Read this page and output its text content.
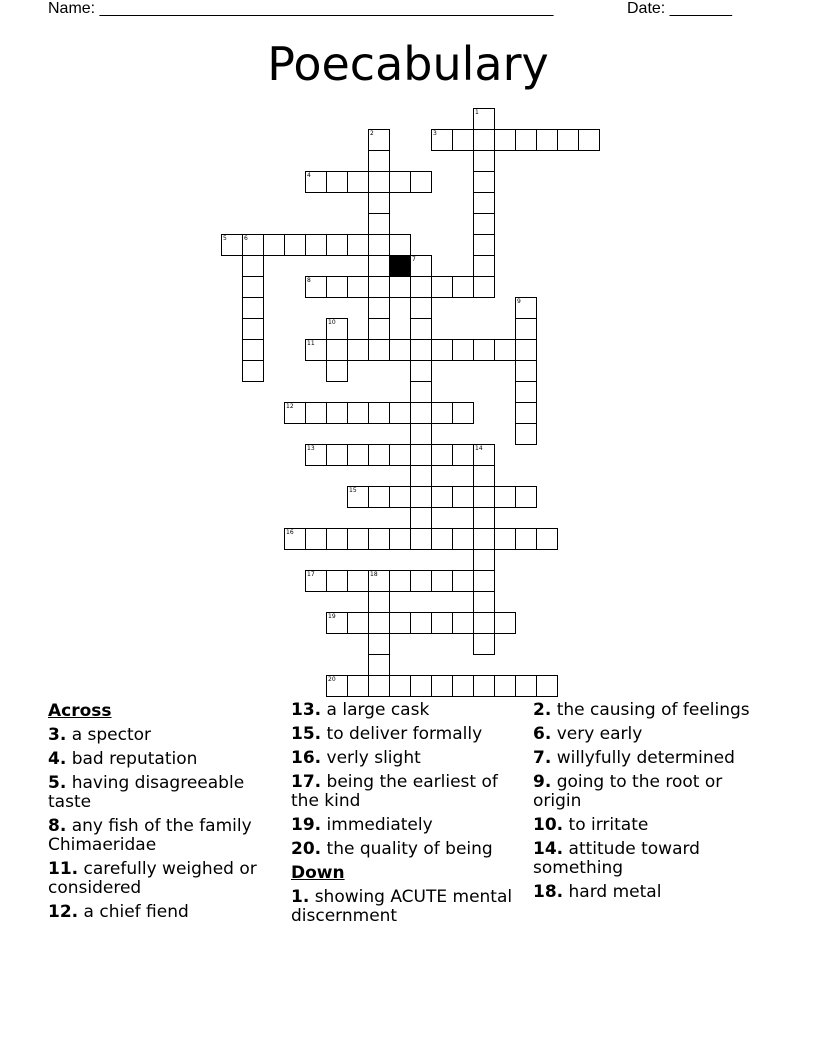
Name: ___________________________________________________	Date: _______
Poecabulary
3
4
5	6
8
11
12
13	14
15
16
17	18
19
20
1
2
7
9
10
Across
3. a spector
4. bad reputation
5. having disagreeable taste
8. any fish of the family Chimaeridae
11. carefully weighed or considered
12. a chief fiend
13. a large cask
15. to deliver formally
16. verly slight
17. being the earliest of the kind
19. immediately
20. the quality of being
Down
1. showing ACUTE mental discernment
2. the causing of feelings
6. very early
7. willyfully determined
9. going to the root or origin
10. to irritate
14. attitude toward something
18. hard metal
